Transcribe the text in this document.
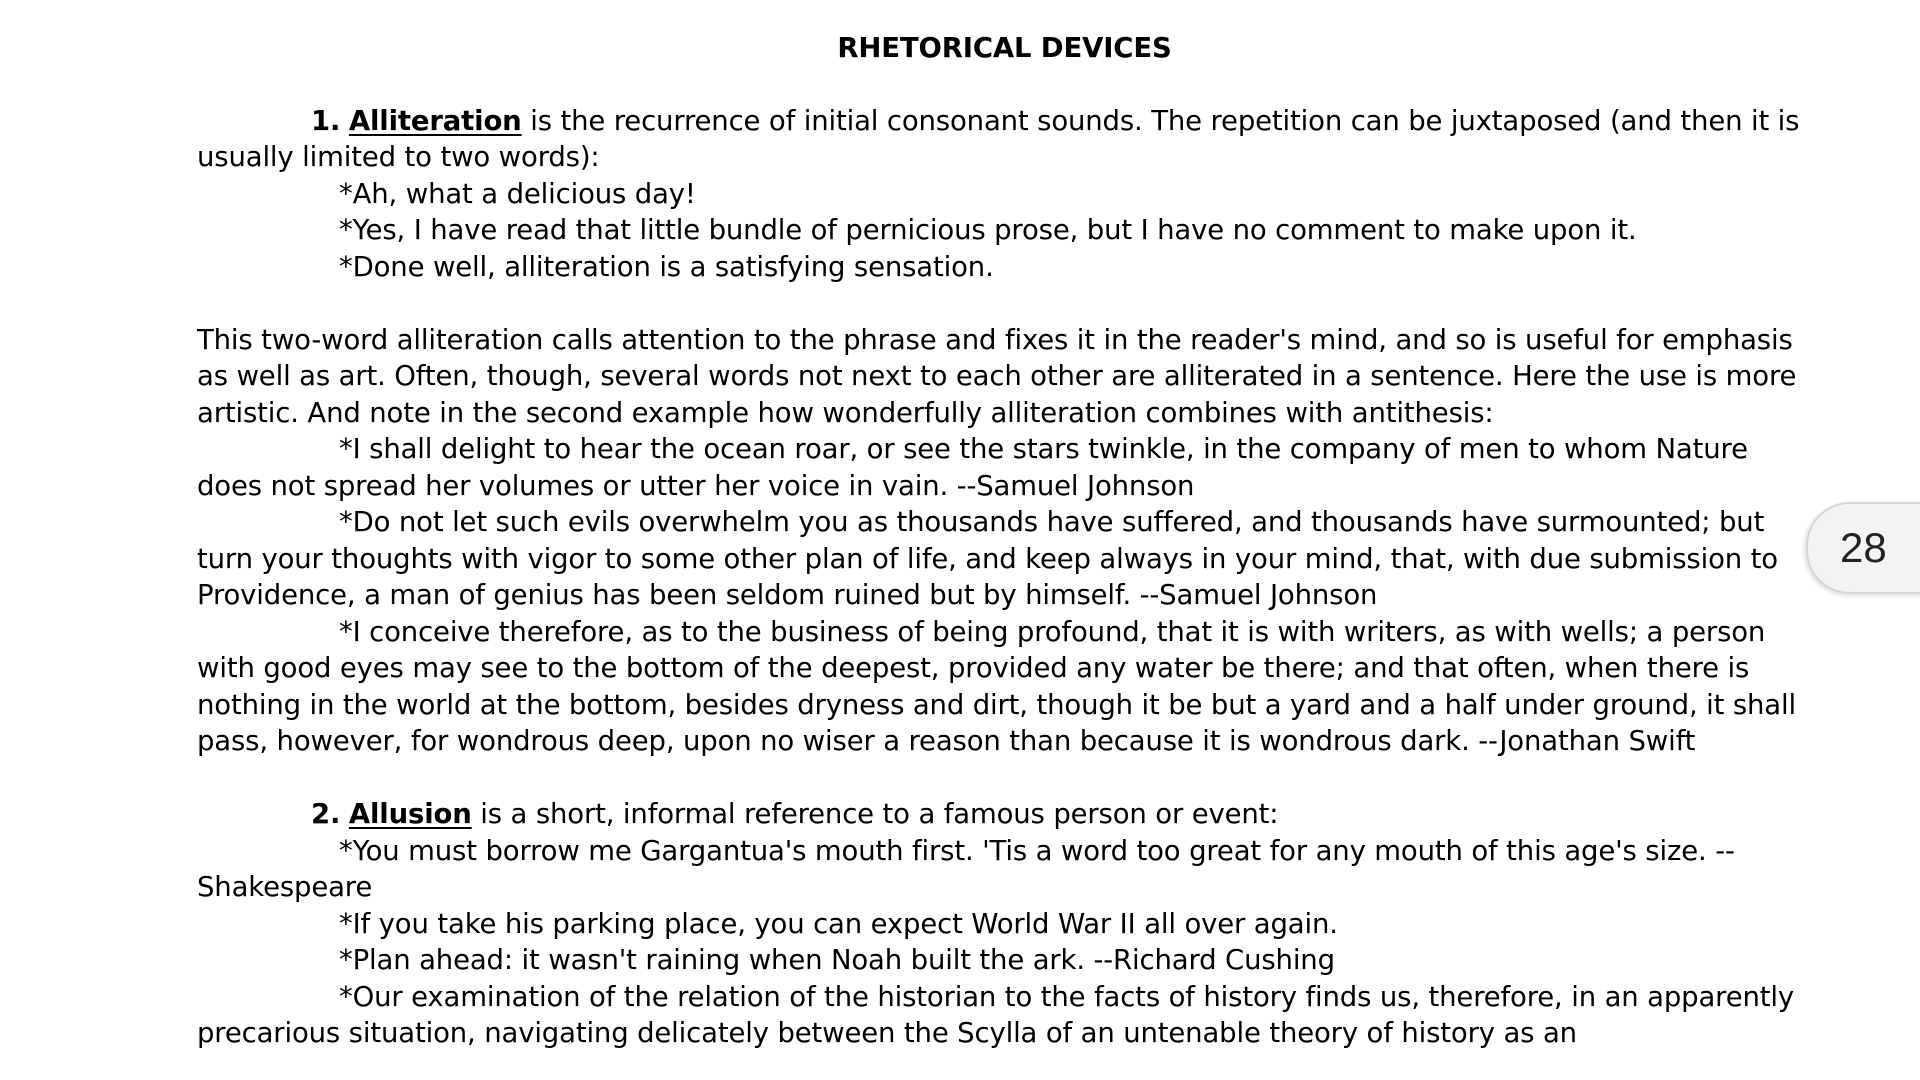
RHETORICAL DEVICES

1. Alliteration is the recurrence of initial consonant sounds. The repetition can be juxtaposed (and then it is usually limited to two words):

*Ah, what a delicious day!

*Yes, I have read that little bundle of pernicious prose, but I have no comment to make upon it.

*Done well, alliteration is a satisfying sensation.

This two-word alliteration calls attention to the phrase and fixes it in the reader's mind, and so is useful for emphasis as well as art. Often, though, several words not next to each other are alliterated in a sentence. Here the use is more artistic. And note in the second example how wonderfully alliteration combines with antithesis:

*I shall delight to hear the ocean roar, or see the stars twinkle, in the company of men to whom Nature does not spread her volumes or utter her voice in vain. --Samuel Johnson

*Do not let such evils overwhelm you as thousands have suffered, and thousands have surmounted; but turn your thoughts with vigor to some other plan of life, and keep always in your mind, that, with due submission to Providence, a man of genius has been seldom ruined but by himself. --Samuel Johnson

*I conceive therefore, as to the business of being profound, that it is with writers, as with wells; a person with good eyes may see to the bottom of the deepest, provided any water be there; and that often, when there is nothing in the world at the bottom, besides dryness and dirt, though it be but a yard and a half under ground, it shall pass, however, for wondrous deep, upon no wiser a reason than because it is wondrous dark. --Jonathan Swift

2. Allusion is a short, informal reference to a famous person or event:

*You must borrow me Gargantua's mouth first. 'Tis a word too great for any mouth of this age's size. --Shakespeare

*If you take his parking place, you can expect World War II all over again.

*Plan ahead: it wasn't raining when Noah built the ark. --Richard Cushing

*Our examination of the relation of the historian to the facts of history finds us, therefore, in an apparently precarious situation, navigating delicately between the Scylla of an untenable theory of history as an

28
